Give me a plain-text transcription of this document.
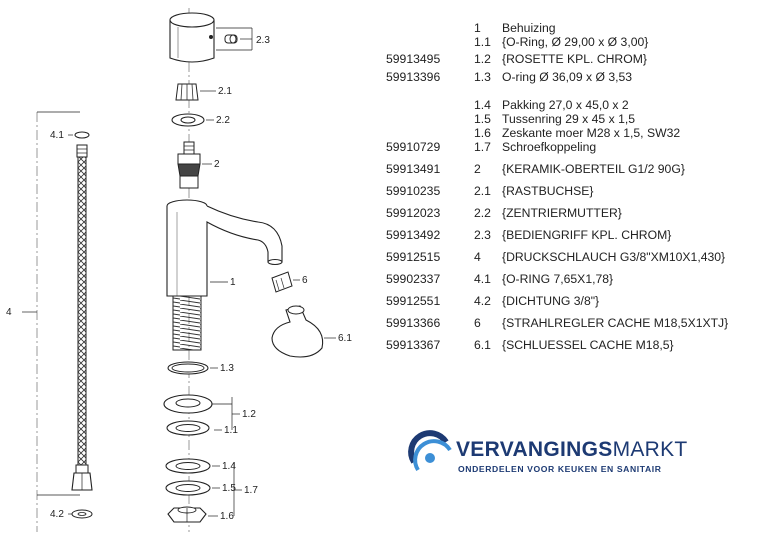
2.3
2.1
2.2
2
1	6
6.1
1.3
1.1
1.2
1.4
1.5 1.7
1.6
4.1
4
4.2
1 Behuizing
1.1 {O-Ring, Ø 29,00 x Ø 3,00}
59913495	1.2 {ROSETTE KPL. CHROM}
59913396	1.3 O-ring Ø 36,09 x Ø 3,53
1.4 Pakking 27,0 x 45,0 x 2
1.5 Tussenring 29 x 45 x 1,5
1.6 Zeskante moer M28 x 1,5, SW32
59910729	1.7 Schroefkoppeling
59913491	2 {KERAMIK-OBERTEIL G1/2 90G}
59910235	2.1 {RASTBUCHSE}
59912023	2.2 {ZENTRIERMUTTER}
59913492	2.3 {BEDIENGRIFF KPL. CHROM}
59912515	4 {DRUCKSCHLAUCH G3/8"XM10X1,430}
59902337	4.1 {O-RING 7,65X1,78}
59912551	4.2 {DICHTUNG 3/8"}
59913366	6 {STRAHLREGLER CACHE M18,5X1XTJ}
59913367	6.1 {SCHLUESSEL CACHE M18,5}
VERVANGINGSMARKT
ONDERDELEN VOOR KEUKEN EN SANITAIR
